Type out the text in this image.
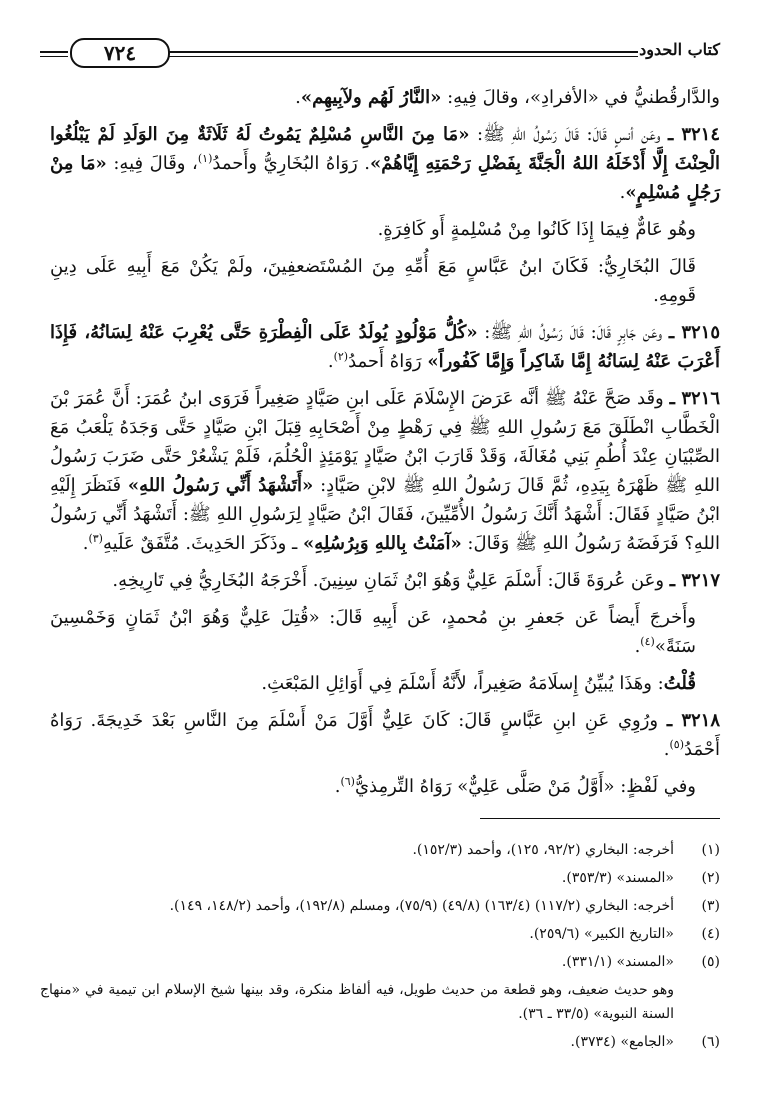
كتاب الحدود
٧٢٤

والدَّارقُطنيُّ في «الأفرادِ»، وقالَ فِيهِ: «النَّارُ لَهُم ولآبِيهِم».

٣٢١٤ ـ وعَن أنسٍ قَالَ: قَالَ رَسُولُ اللهِ ﷺ: «مَا مِنَ النَّاسِ مُسْلِمٌ يَمُوتُ لَهُ ثَلَاثَةٌ مِنَ الوَلَدِ لَمْ يَبْلُغُوا الْحِنْثَ إِلَّا أَدْخَلَهُ اللهُ الْجَنَّةَ بِفَضْلِ رَحْمَتِهِ إِيَّاهُمْ». رَوَاهُ البُخَارِيُّ وأَحمدُ$^{(١)}$، وقَالَ فِيهِ: «مَا مِنْ رَجُلٍ مُسْلِمٍ».

وهُو عَامٌّ فِيمَا إِذَا كَانُوا مِنْ مُسْلِمةٍ أَو كَافِرَةٍ.

قَالَ البُخَارِيُّ: فَكَانَ ابنُ عَبَّاسٍ مَعَ أُمِّهِ مِنَ المُسْتَضعفِينَ، ولَمْ يَكُنْ مَعَ أَبِيهِ عَلَى دِينِ قَومِهِ.

٣٢١٥ ـ وعَن جَابِرٍ قَالَ: قَالَ رَسُولُ اللهِ ﷺ: «كُلُّ مَوْلُودٍ يُولَدُ عَلَى الْفِطْرَةِ حَتَّى يُعْرِبَ عَنْهُ لِسَانُهُ، فَإِذَا أَعْرَبَ عَنْهُ لِسَانُهُ إِمَّا شَاكِراً وَإِمَّا كَفُوراً» رَوَاهُ أَحمدُ$^{(٢)}$.

٣٢١٦ ـ وقَد صَحَّ عَنْهُ ﷺ أنَّه عَرَضَ الإِسْلَامَ عَلَى ابنِ صَيَّادٍ صَغِيراً فَرَوَى ابنُ عُمَرَ: أَنَّ عُمَرَ بْنَ الْخَطَّابِ انْطَلَقَ مَعَ رَسُولِ اللهِ ﷺ فِي رَهْطٍ مِنْ أَصْحَابِهِ قِبَلَ ابْنِ صَيَّادٍ حَتَّى وَجَدَهُ يَلْعَبُ مَعَ الصِّبْيَانِ عِنْدَ أُطُمِ بَنِي مُغَالَةَ، وَقَدْ قَارَبَ ابْنُ صَيَّادٍ يَوْمَئِذٍ الْحُلُمَ، فَلَمْ يَشْعُرْ حَتَّى ضَرَبَ رَسُولُ اللهِ ﷺ ظَهْرَهُ بِيَدِهِ، ثُمَّ قَالَ رَسُولُ اللهِ ﷺ لابْنِ صَيَّادٍ: «أَتَشْهَدُ أَنِّي رَسُولُ اللهِ» فَنَظَرَ إِلَيْهِ ابْنُ صَيَّادٍ فَقَالَ: أَشْهَدُ أَنَّكَ رَسُولُ الأُمِّيِّينَ، فَقَالَ ابْنُ صَيَّادٍ لِرَسُولِ اللهِ ﷺ: أَتَشْهَدُ أَنِّي رَسُولُ اللهِ؟ فَرَفَضَهُ رَسُولُ اللهِ ﷺ وَقَالَ: «آمَنْتُ بِاللهِ وَبِرُسُلِهِ» ـ وذَكَرَ الحَدِيثَ. مُتَّفَقٌ عَلَيهِ$^{(٣)}$.

٣٢١٧ ـ وعَن عُروَةَ قَالَ: أَسْلَمَ عَلِيٌّ وَهُوَ ابْنُ ثَمَانِ سِنِينَ. أَخْرَجَهُ البُخَارِيُّ فِي تَارِيخِهِ.

وأَخرجَ أَيضاً عَن جَعفرِ بنِ مُحمدٍ، عَن أَبِيهِ قَالَ: «قُتِلَ عَلِيٌّ وَهُوَ ابْنُ ثَمَانٍ وَخَمْسِينَ سَنَةً»$^{(٤)}$.

قُلْتُ: وهَذَا يُبيِّنُ إِسلَامَهُ صَغِيراً، لأَنَّهُ أَسْلَمَ فِي أَوَائِلِ المَبْعَثِ.

٣٢١٨ ـ ورُوِي عَنِ ابنِ عَبَّاسٍ قَالَ: كَانَ عَلِيٌّ أَوَّلَ مَنْ أَسْلَمَ مِنَ النَّاسِ بَعْدَ خَدِيجَةَ. رَوَاهُ أَحْمَدُ$^{(٥)}$.

وفي لَفْظٍ: «أَوَّلُ مَنْ صَلَّى عَلِيٌّ» رَوَاهُ التِّرمِذيُّ$^{(٦)}$.

(١)
أخرجه: البخاري (٩٢/٢، ١٢٥)، وأحمد (١٥٢/٣).
(٢)
«المسند» (٣٥٣/٣).
(٣)
أخرجه: البخاري (١١٧/٢) (١٦٣/٤) (٤٩/٨) (٧٥/٩)، ومسلم (١٩٢/٨)، وأحمد (١٤٨/٢، ١٤٩).
(٤)
«التاريخ الكبير» (٢٥٩/٦).
(٥)
«المسند» (٣٣١/١).
وهو حديث ضعيف، وهو قطعة من حديث طويل، فيه ألفاظ منكرة، وقد بينها شيخ الإسلام ابن تيمية في «منهاج السنة النبوية» (٣٣/٥ ـ ٣٦).
(٦)
«الجامع» (٣٧٣٤).
